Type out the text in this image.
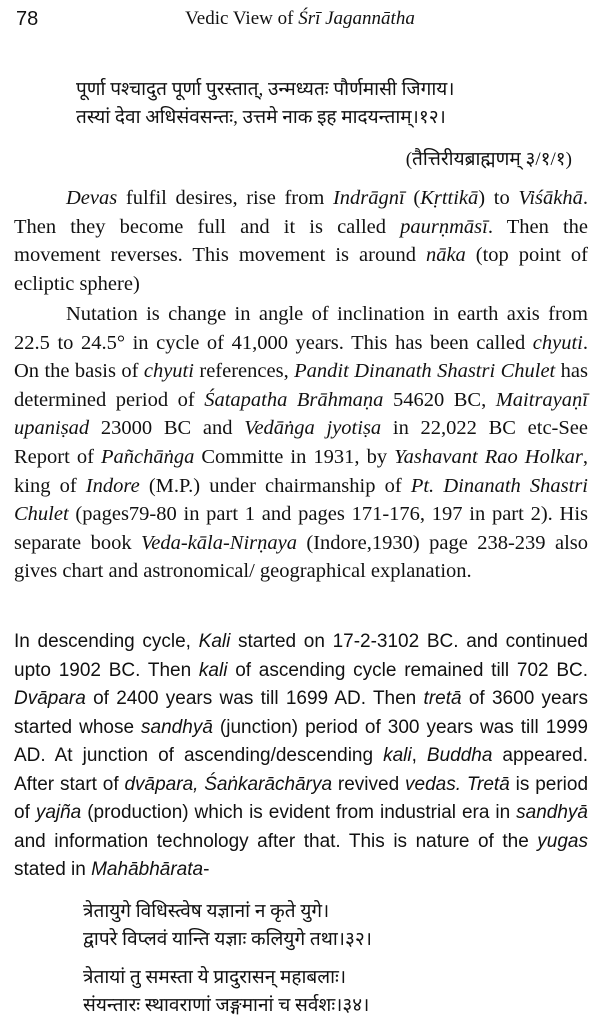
78	Vedic View of Śrī Jagannātha
पूर्णा पश्चादुत पूर्णा पुरस्तात्, उन्मध्यतः पौर्णमासी जिगाय।
तस्यां देवा अधिसंवसन्तः, उत्तमे नाक इह मादयन्ताम्।१२।
(तैत्तिरीयब्राह्मणम् ३/१/१)

Devas fulfil desires, rise from Indrāgnī (Kṛttikā) to Viśākhā. Then they become full and it is called paurṇmāsī. Then the movement reverses. This movement is around nāka (top point of ecliptic sphere)

Nutation is change in angle of inclination in earth axis from 22.5 to 24.5° in cycle of 41,000 years. This has been called chyuti. On the basis of chyuti references, Pandit Dinanath Shastri Chulet has determined period of Śatapatha Brāhmaṇa 54620 BC, Maitrayaṇī upaniṣad 23000 BC and Vedāṅga jyotiṣa in 22,022 BC etc-See Report of Pañchāṅga Committe in 1931, by Yashavant Rao Holkar, king of Indore (M.P.) under chairmanship of Pt. Dinanath Shastri Chulet (pages79-80 in part 1 and pages 171-176, 197 in part 2). His separate book Veda-kāla-Nirṇaya (Indore,1930) page 238-239 also gives chart and astronomical/ geographical explanation.

In descending cycle, Kali started on 17-2-3102 BC. and continued upto 1902 BC. Then kali of ascending cycle remained till 702 BC. Dvāpara of 2400 years was till 1699 AD. Then tretā of 3600 years started whose sandhyā (junction) period of 300 years was till 1999 AD. At junction of ascending/descending kali, Buddha appeared. After start of dvāpara, Śaṅkarāchārya revived vedas. Tretā is period of yajña (production) which is evident from industrial era in sandhyā and information technology after that. This is nature of the yugas stated in Mahābhārata-

त्रेतायुगे विधिस्त्वेष यज्ञानां न कृते युगे।
द्वापरे विप्लवं यान्ति यज्ञाः कलियुगे तथा।३२।
त्रेतायां तु समस्ता ये प्रादुरासन् महाबलाः।
संयन्तारः स्थावराणां जङ्गमानां च सर्वशः।३४।
